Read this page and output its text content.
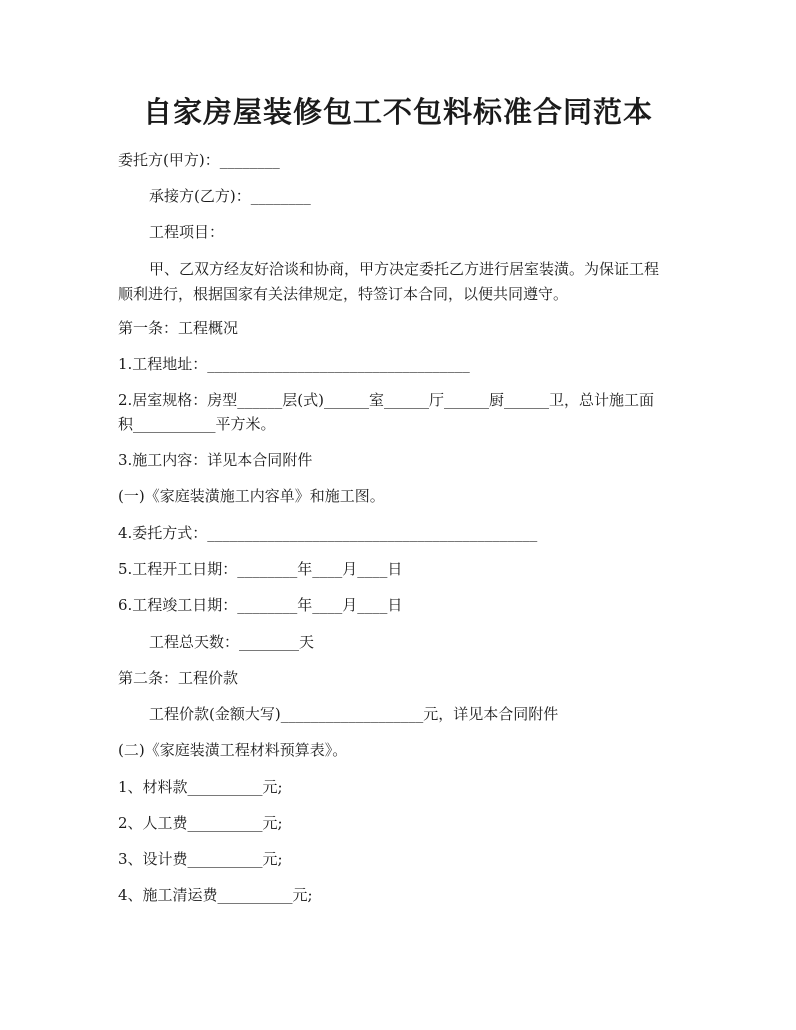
自家房屋装修包工不包料标准合同范本
委托方(甲方)：________
承接方(乙方)：________
工程项目：
甲、乙双方经友好洽谈和协商，甲方决定委托乙方进行居室装潢。为保证工程
顺利进行，根据国家有关法律规定，特签订本合同，以便共同遵守。
第一条：工程概况
1.工程地址：___________________________________
2.居室规格：房型______层(式)______室______厅______厨______卫，总计施工面
积___________平方米。
3.施工内容：详见本合同附件
(一)《家庭装潢施工内容单》和施工图。
4.委托方式：____________________________________________
5.工程开工日期：________年____月____日
6.工程竣工日期：________年____月____日
工程总天数：________天
第二条：工程价款
工程价款(金额大写)___________________元，详见本合同附件
(二)《家庭装潢工程材料预算表》。
1、材料款__________元;
2、人工费__________元;
3、设计费__________元;
4、施工清运费__________元;
